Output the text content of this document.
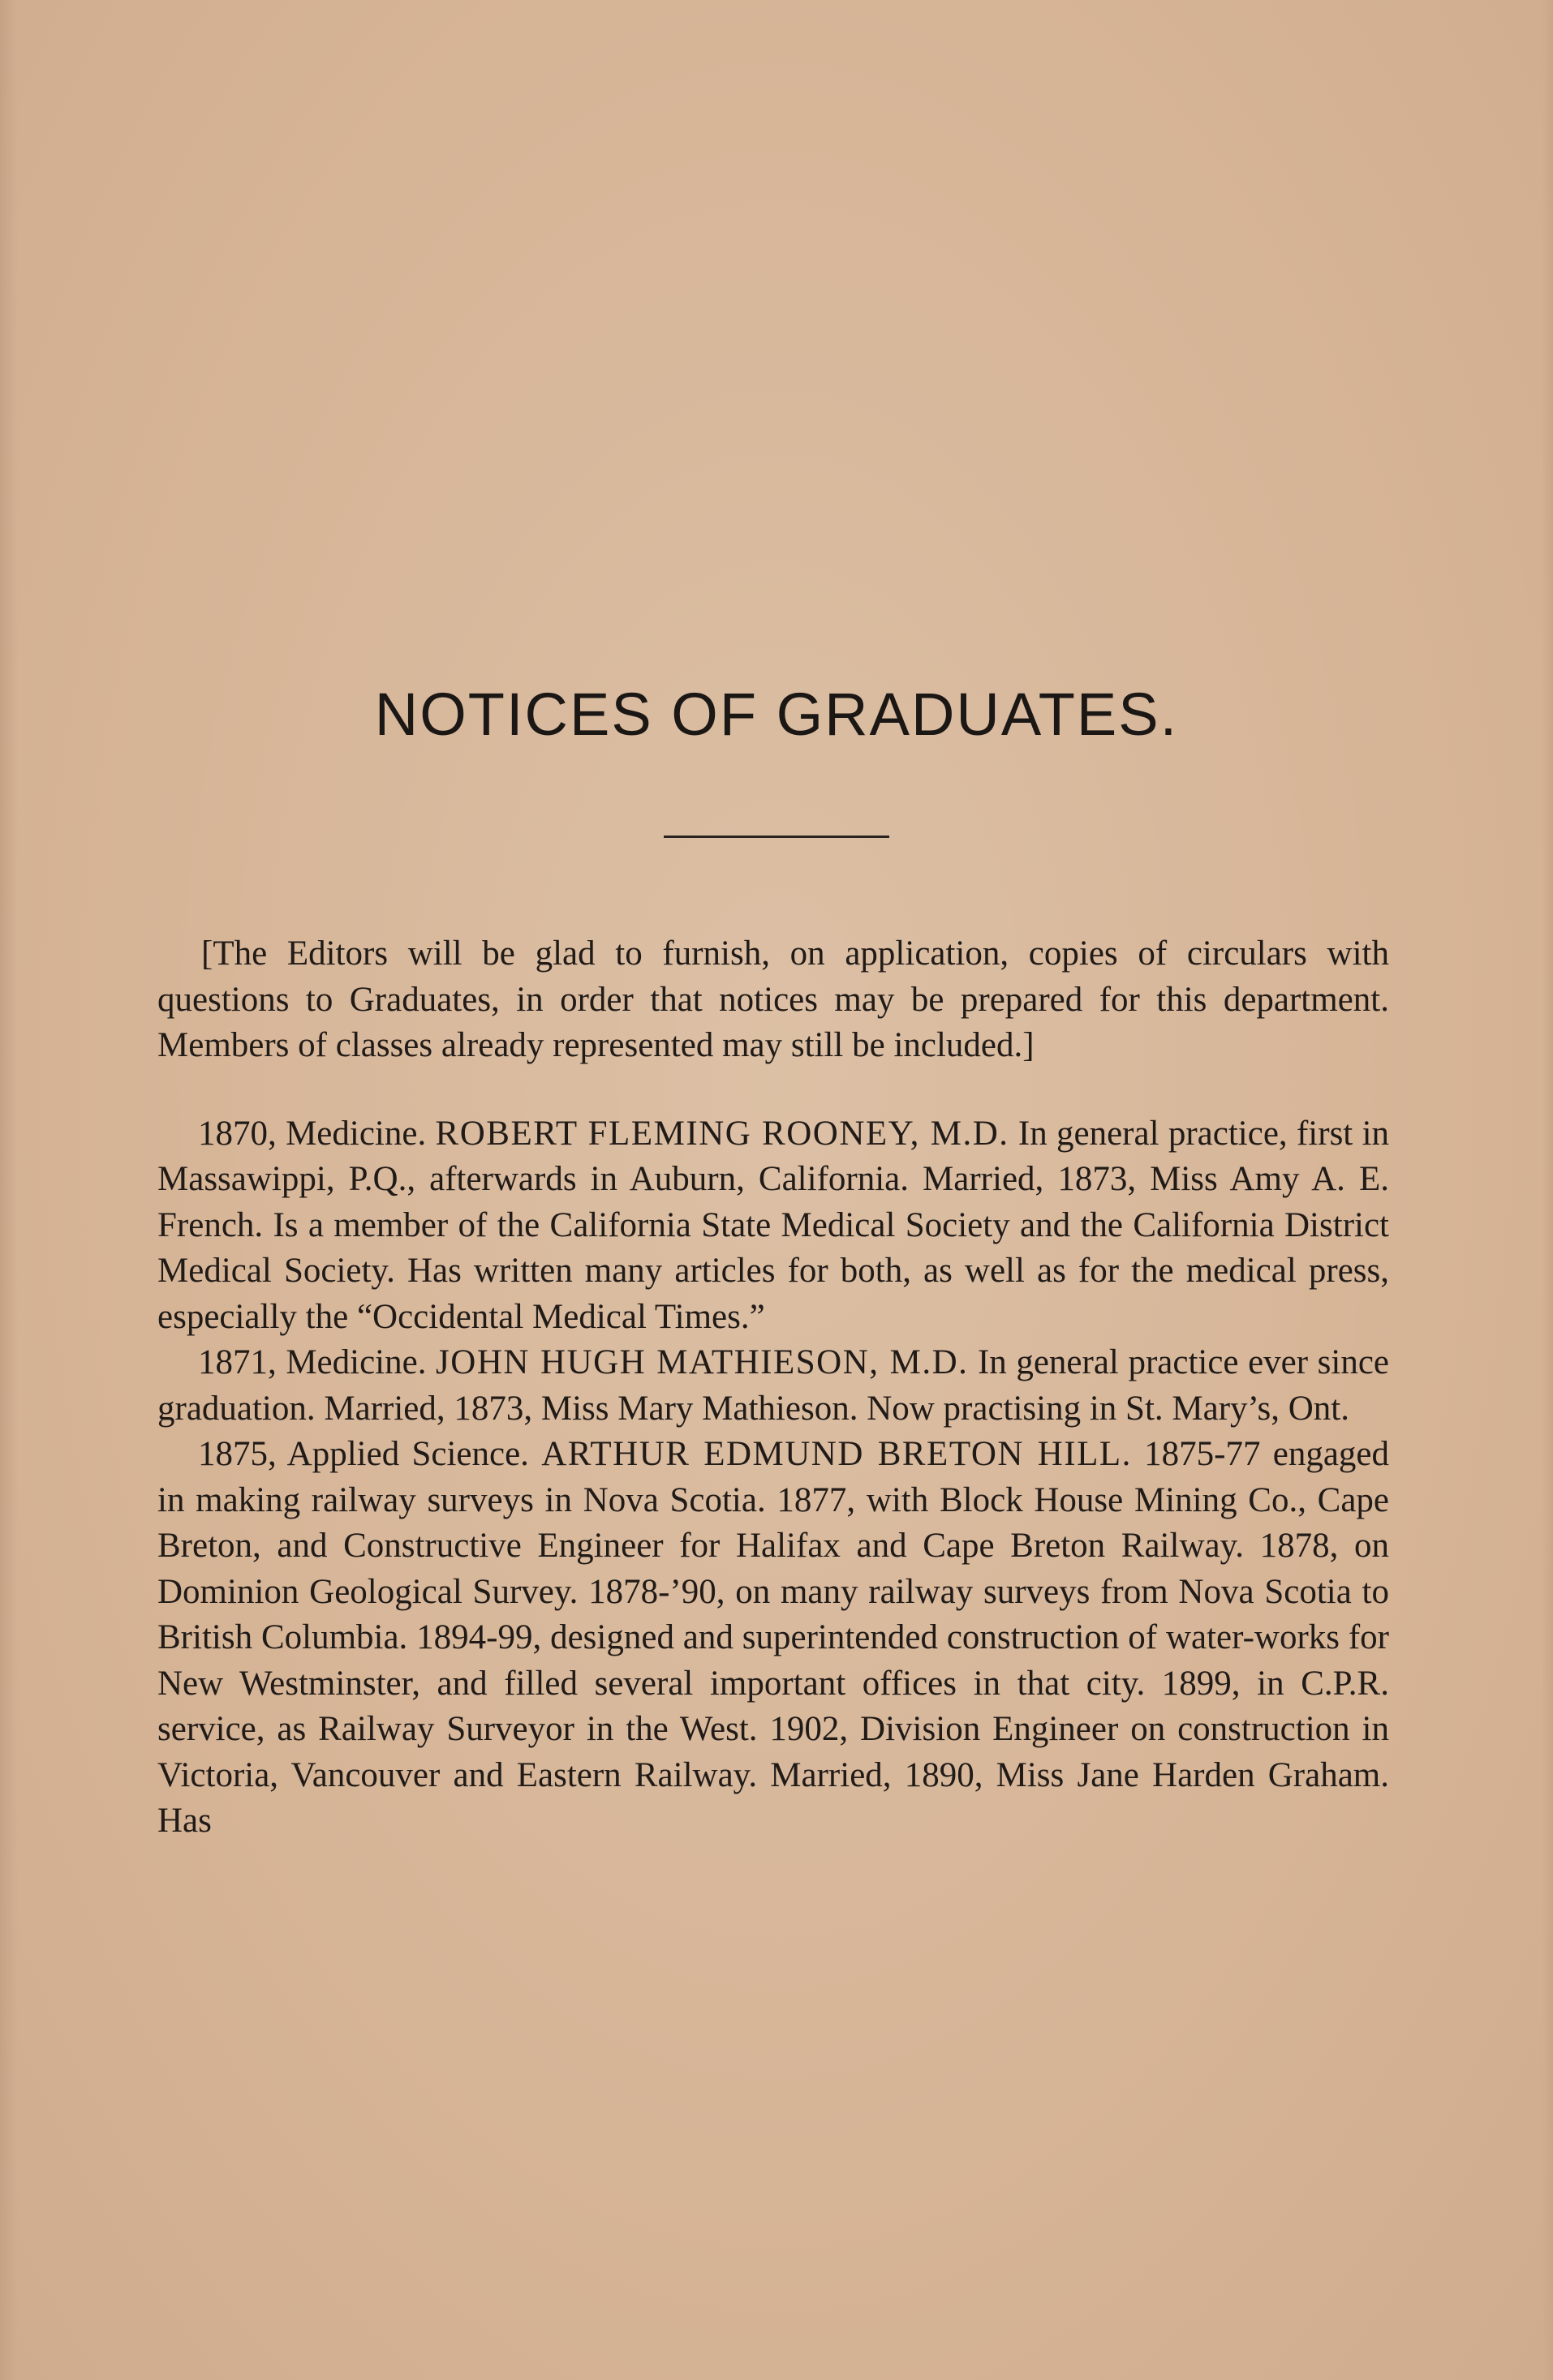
NOTICES OF GRADUATES.

[The Editors will be glad to furnish, on application, copies of circulars with questions to Graduates, in order that notices may be prepared for this department. Members of classes already represented may still be included.]

1870, Medicine. ROBERT FLEMING ROONEY, M.D. In general practice, first in Massawippi, P.Q., afterwards in Auburn, California. Married, 1873, Miss Amy A. E. French. Is a member of the California State Medical Society and the California District Medical Society. Has written many articles for both, as well as for the medical press, especially the “Occidental Medical Times.”

1871, Medicine. JOHN HUGH MATHIESON, M.D. In general practice ever since graduation. Married, 1873, Miss Mary Mathieson. Now practising in St. Mary’s, Ont.

1875, Applied Science. ARTHUR EDMUND BRETON HILL. 1875-77 engaged in making railway surveys in Nova Scotia. 1877, with Block House Mining Co., Cape Breton, and Constructive Engineer for Halifax and Cape Breton Railway. 1878, on Dominion Geological Survey. 1878-’90, on many railway surveys from Nova Scotia to British Columbia. 1894-99, designed and superintended construction of water-works for New Westminster, and filled several important offices in that city. 1899, in C.P.R. service, as Railway Surveyor in the West. 1902, Division Engineer on construction in Victoria, Vancouver and Eastern Railway. Married, 1890, Miss Jane Harden Graham. Has
